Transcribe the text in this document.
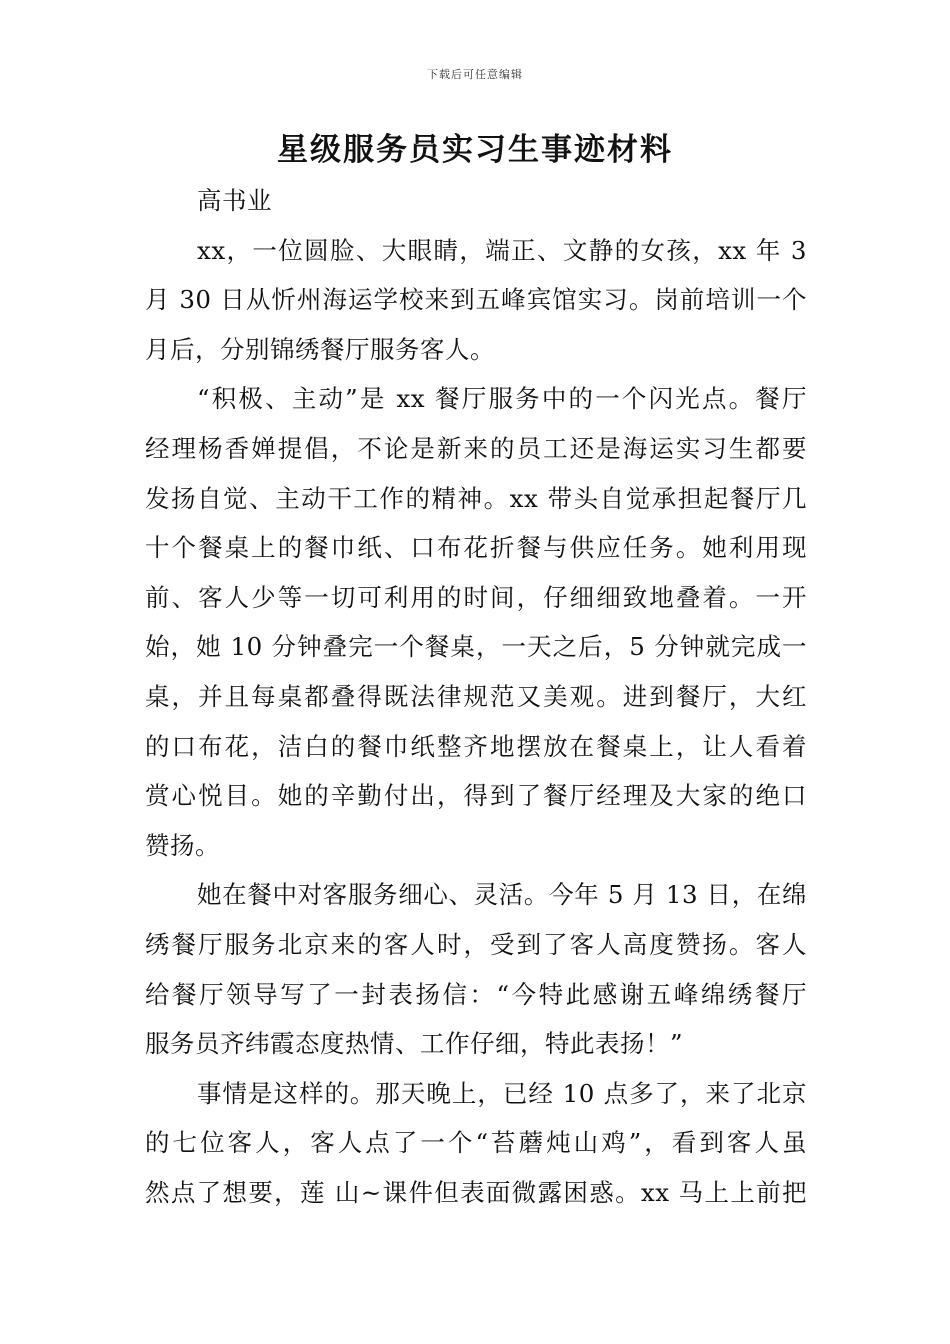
下载后可任意编辑
星级服务员实习生事迹材料
高书业
xx，一位圆脸、大眼睛，端正、文静的女孩，xx 年 3
月 30 日从忻州海运学校来到五峰宾馆实习。岗前培训一个
月后，分别锦绣餐厅服务客人。
“积极、主动”是 xx 餐厅服务中的一个闪光点。餐厅
经理杨香婵提倡，不论是新来的员工还是海运实习生都要
发扬自觉、主动干工作的精神。xx 带头自觉承担起餐厅几
十个餐桌上的餐巾纸、口布花折餐与供应任务。她利用现
前、客人少等一切可利用的时间，仔细细致地叠着。一开
始，她 10 分钟叠完一个餐桌，一天之后，5 分钟就完成一
桌，并且每桌都叠得既法律规范又美观。进到餐厅，大红
的口布花，洁白的餐巾纸整齐地摆放在餐桌上，让人看着
赏心悦目。她的辛勤付出，得到了餐厅经理及大家的绝口
赞扬。
她在餐中对客服务细心、灵活。今年 5 月 13 日，在绵
绣餐厅服务北京来的客人时，受到了客人高度赞扬。客人
给餐厅领导写了一封表扬信：“今特此感谢五峰绵绣餐厅
服务员齐纬霞态度热情、工作仔细，特此表扬！”
事情是这样的。那天晚上，已经 10 点多了，来了北京
的七位客人，客人点了一个“苔蘑炖山鸡”，看到客人虽
然点了想要，莲 山~课件但表面微露困惑。xx 马上上前把
